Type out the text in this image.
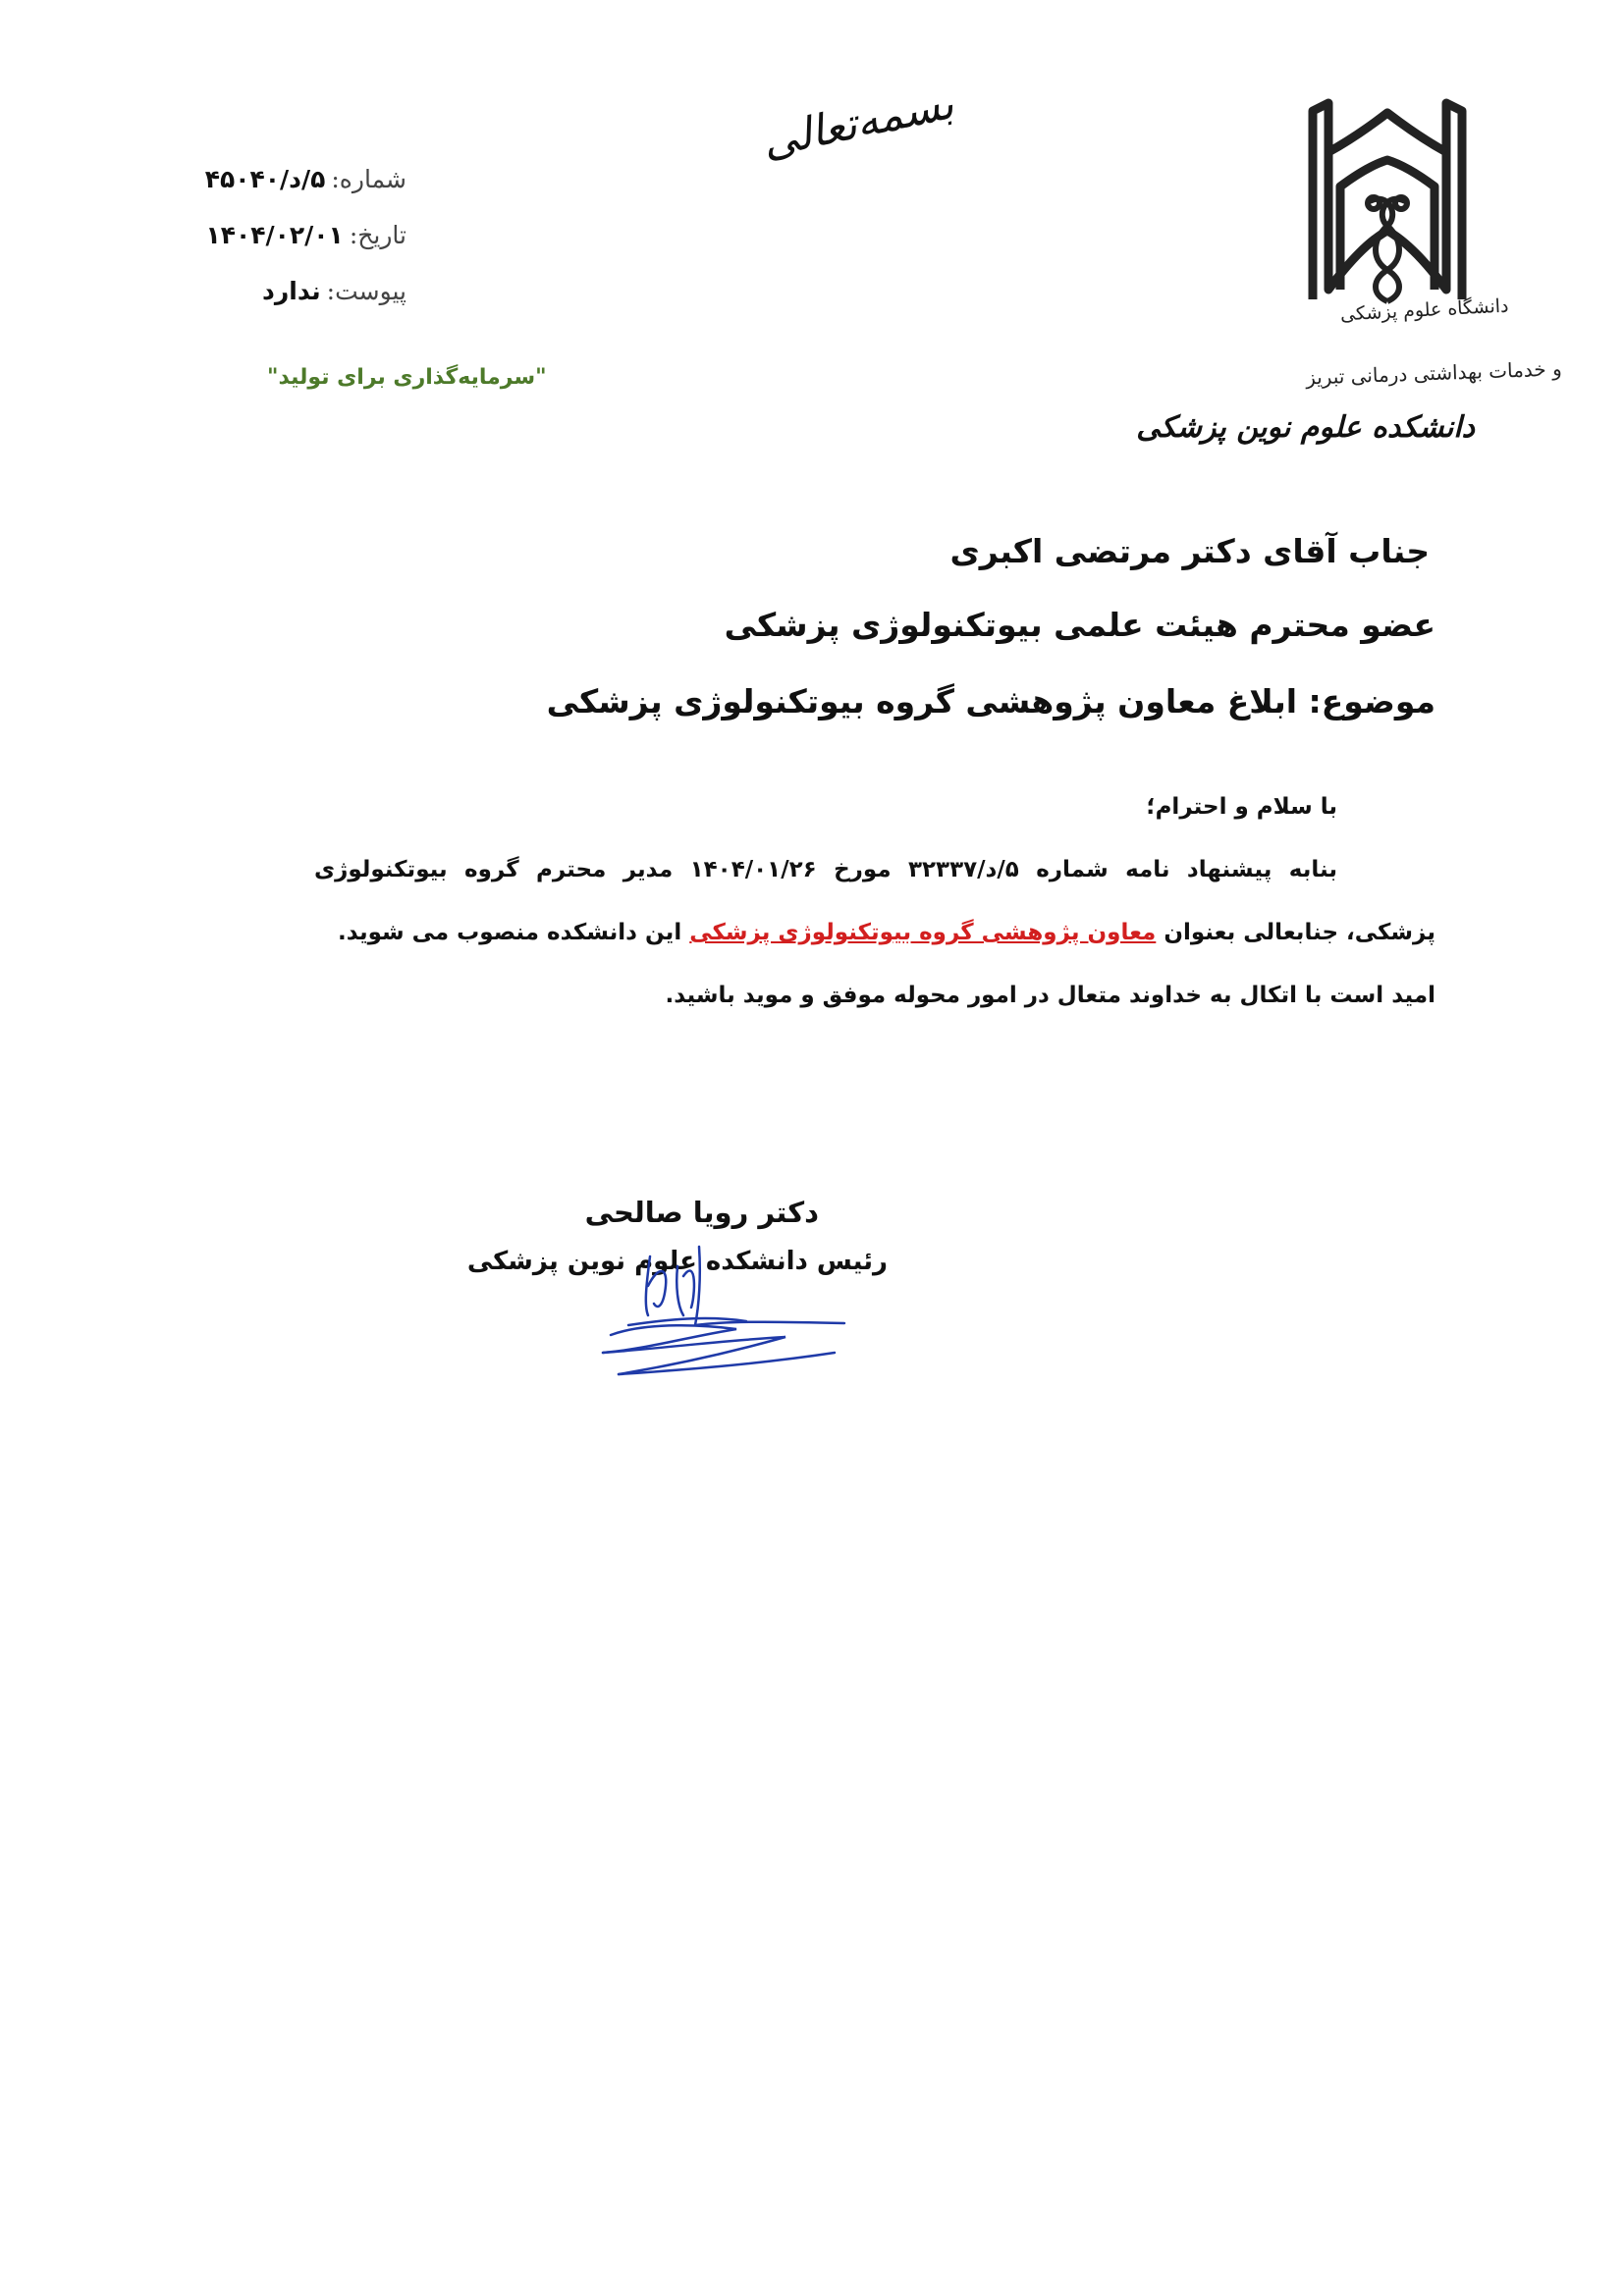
دانشگاه علوم پزشکی
و خدمات بهداشتی درمانی تبریز
دانشکده علوم نوین پزشکی
بسمه‌تعالی
شماره:
۵/د/۴۵۰۴۰
تاریخ:
۱۴۰۴/۰۲/۰۱
پیوست:
ندارد
"سرمایه‌گذاری برای تولید"
جناب آقای دکتر مرتضی اکبری
عضو محترم هیئت علمی بیوتکنولوژی پزشکی
موضوع: ابلاغ معاون پژوهشی گروه بیوتکنولوژی پزشکی

با سلام و احترام؛

بنابه پیشنهاد نامه شماره ۵/د/۳۲۳۳۷ مورخ ۱۴۰۴/۰۱/۲۶ مدیر محترم گروه بیوتکنولوژی پزشکی، جنابعالی بعنوان معاون پژوهشی گروه بیوتکنولوژی پزشکی این دانشکده منصوب می شوید.

امید است با اتکال به خداوند متعال در امور محوله موفق و موید باشید.

دکتر رویا صالحی
رئیس دانشکده علوم نوین پزشکی
